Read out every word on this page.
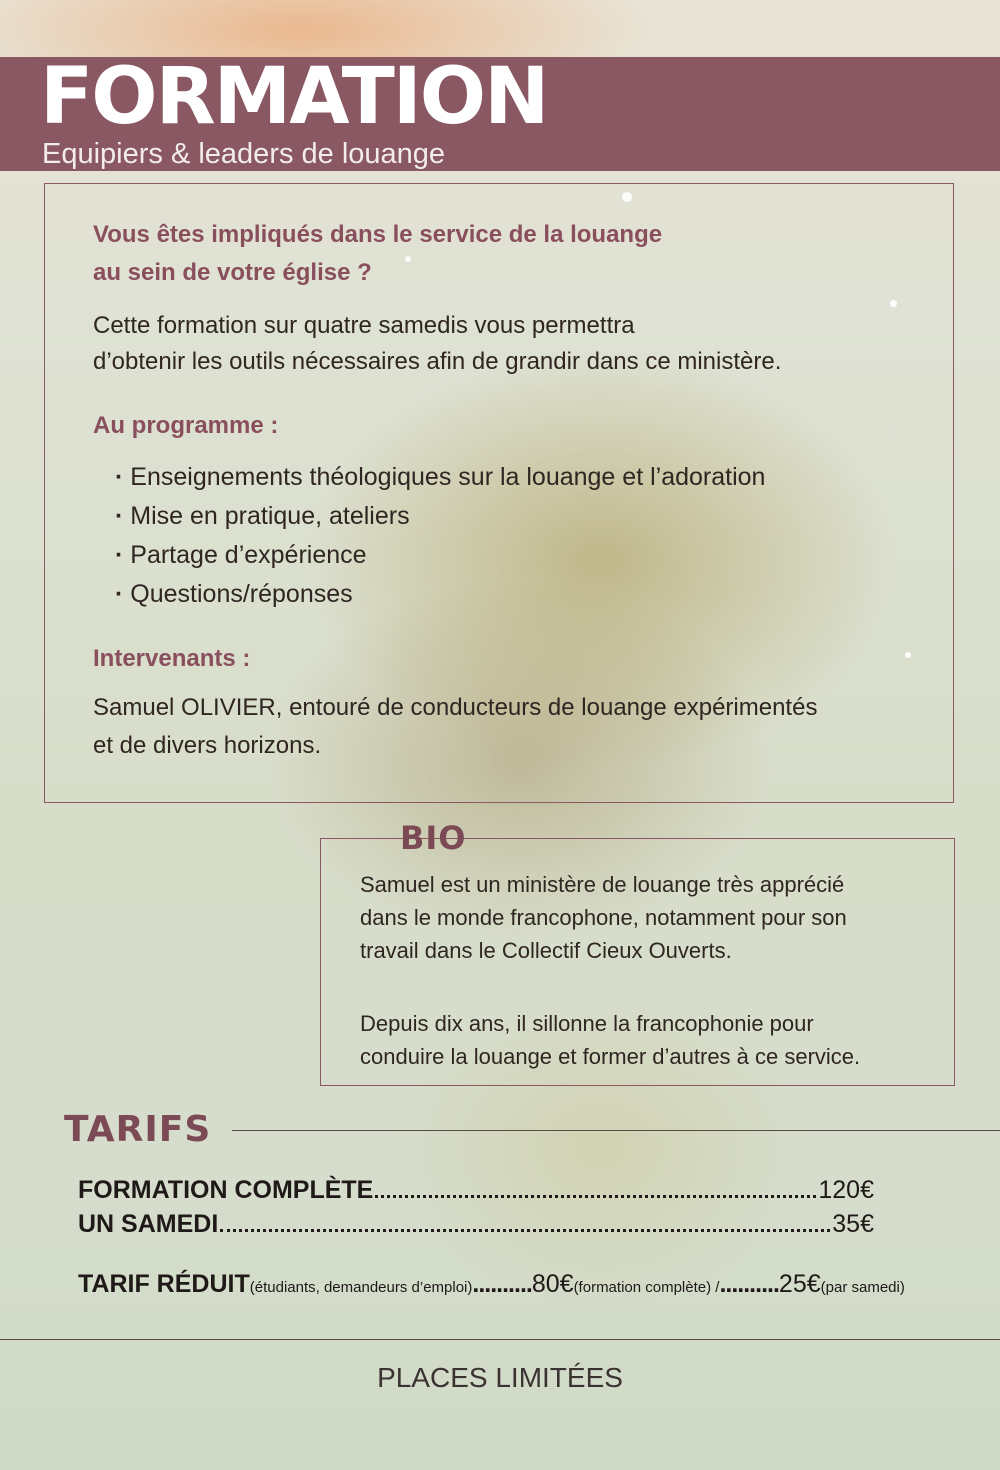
FORMATION
Equipiers & leaders de louange
Vous êtes impliqués dans le service de la louange
au sein de votre église ?
Cette formation sur quatre samedis vous permettra
d’obtenir les outils nécessaires afin de grandir dans ce ministère.
Au programme :
· Enseignements théologiques sur la louange et l’adoration
· Mise en pratique, ateliers
· Partage d’expérience
· Questions/réponses
Intervenants :
Samuel OLIVIER, entouré de conducteurs de louange expérimentés
et de divers horizons.
BIO
Samuel est un ministère de louange très apprécié
dans le monde francophone, notamment pour son
travail dans le Collectif Cieux Ouverts.
Depuis dix ans, il sillonne la francophonie pour
conduire la louange et former d’autres à ce service.
TARIFS
FORMATION COMPLÈTE	120€
UN SAMEDI	35€
TARIF RÉDUIT(étudiants, demandeurs d’emploi)..........80€(formation complète) /..........25€(par samedi)
PLACES LIMITÉES
